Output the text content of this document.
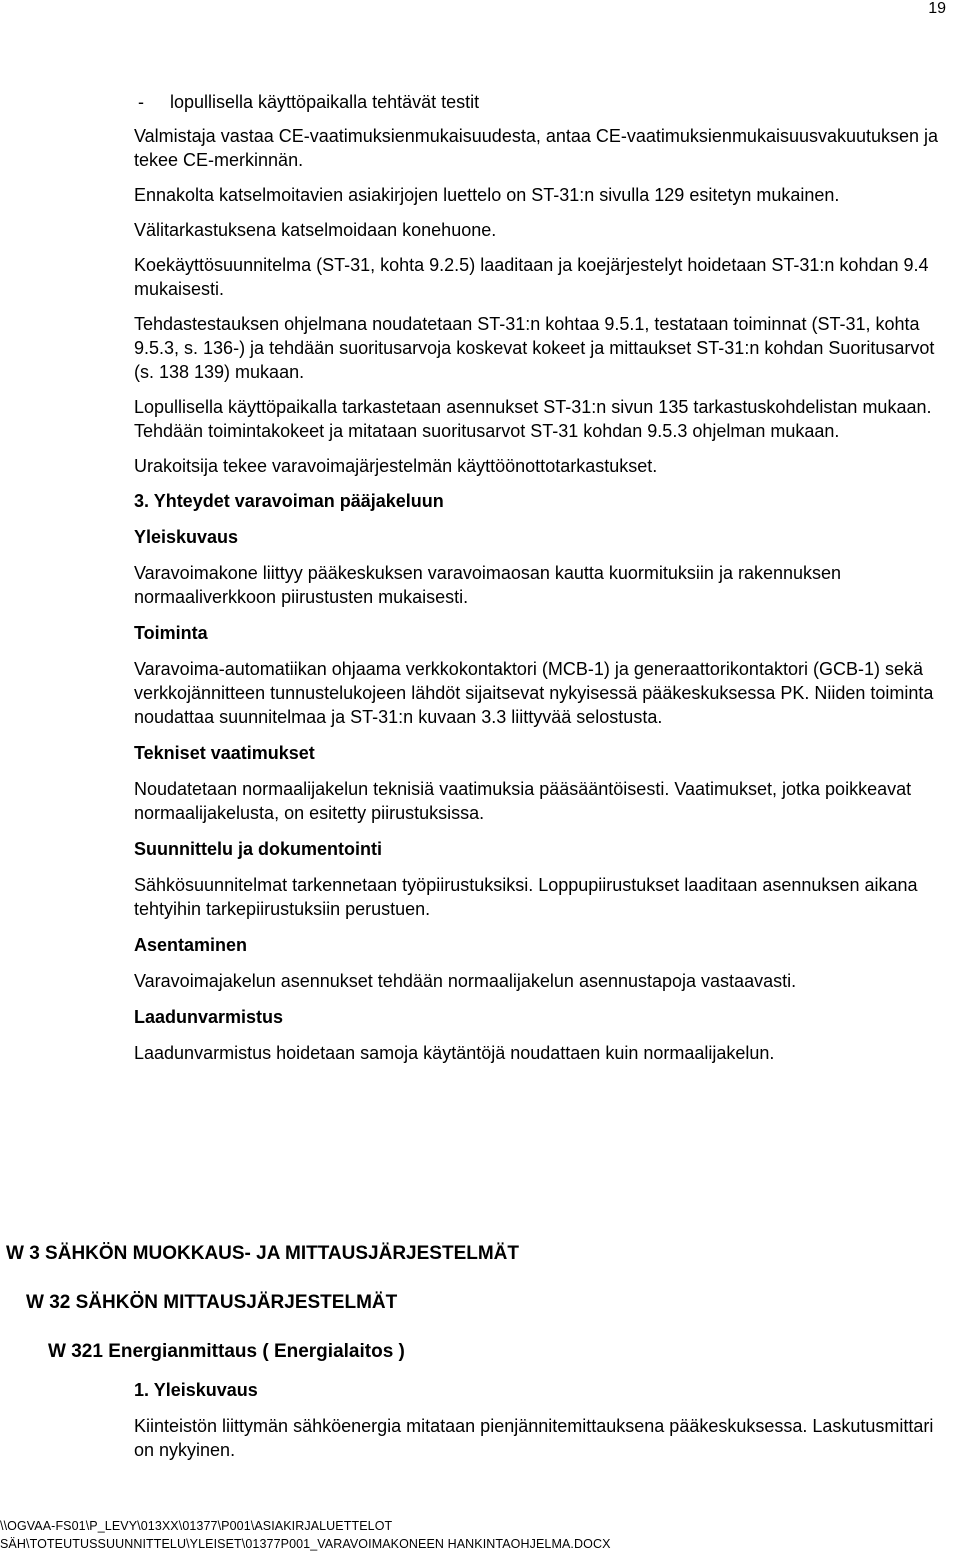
19
- lopullisella käyttöpaikalla tehtävät testit

Valmistaja vastaa CE-vaatimuksienmukaisuudesta, antaa CE-vaatimuksienmukaisuusvakuutuksen ja tekee CE-merkinnän.

Ennakolta katselmoitavien asiakirjojen luettelo on ST-31:n sivulla 129 esitetyn mukainen.

Välitarkastuksena katselmoidaan konehuone.

Koekäyttösuunnitelma (ST-31, kohta 9.2.5) laaditaan ja koejärjestelyt hoidetaan ST-31:n kohdan 9.4 mukaisesti.

Tehdastestauksen ohjelmana noudatetaan ST-31:n kohtaa 9.5.1, testataan toiminnat (ST-31, kohta 9.5.3, s. 136-) ja tehdään suoritusarvoja koskevat kokeet ja mittaukset ST-31:n kohdan Suoritusarvot (s. 138 139) mukaan.

Lopullisella käyttöpaikalla tarkastetaan asennukset ST-31:n sivun 135 tarkastuskohdelistan mukaan. Tehdään toimintakokeet ja mitataan suoritusarvot ST-31 kohdan 9.5.3 ohjelman mukaan.

Urakoitsija tekee varavoimajärjestelmän käyttöönottotarkastukset.

3. Yhteydet varavoiman pääjakeluun
Yleiskuvaus

Varavoimakone liittyy pääkeskuksen varavoimaosan kautta kuormituksiin ja rakennuksen normaaliverkkoon piirustusten mukaisesti.

Toiminta

Varavoima-automatiikan ohjaama verkkokontaktori (MCB-1) ja generaattorikontaktori (GCB-1) sekä verkkojännitteen tunnustelukojeen lähdöt sijaitsevat nykyisessä pääkeskuksessa PK. Niiden toiminta noudattaa suunnitelmaa ja ST-31:n kuvaan 3.3 liittyvää selostusta.

Tekniset vaatimukset

Noudatetaan normaalijakelun teknisiä vaatimuksia pääsääntöisesti. Vaatimukset, jotka poikkeavat normaalijakelusta, on esitetty piirustuksissa.

Suunnittelu ja dokumentointi

Sähkösuunnitelmat tarkennetaan työpiirustuksiksi. Loppupiirustukset laaditaan asennuksen aikana tehtyihin tarkepiirustuksiin perustuen.

Asentaminen

Varavoimajakelun asennukset tehdään normaalijakelun asennustapoja vastaavasti.

Laadunvarmistus

Laadunvarmistus hoidetaan samoja käytäntöjä noudattaen kuin normaalijakelun.

W 3 SÄHKÖN MUOKKAUS- JA MITTAUSJÄRJESTELMÄT
W 32 SÄHKÖN MITTAUSJÄRJESTELMÄT
W 321 Energianmittaus ( Energialaitos )
1. Yleiskuvaus

Kiinteistön liittymän sähköenergia mitataan pienjännitemittauksena pääkeskuksessa. Laskutusmittari on nykyinen.

\\OGVAA-FS01\P_LEVY\013XX\01377\P001\ASIAKIRJALUETTELOT
SÄH\TOTEUTUSSUUNNITTELU\YLEISET\01377P001_VARAVOIMAKONEEN HANKINTAOHJELMA.DOCX
